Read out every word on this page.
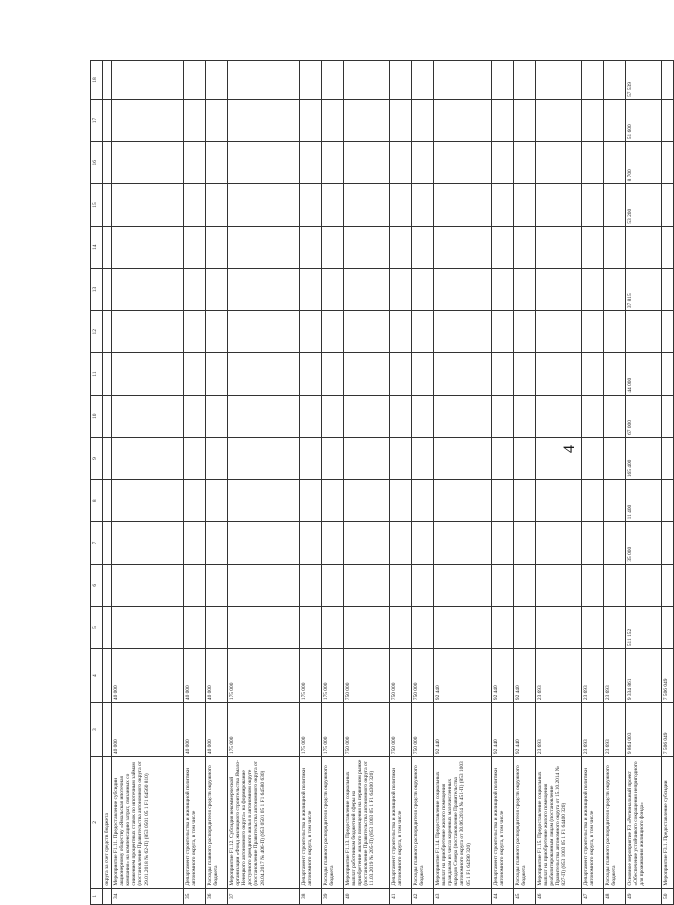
4
1	2	3	4	5	6	7	8	9	10	11	12	13	14	15	16	17	18
	округа за счет средств бюджета																
34	Мероприятие F1.11. Предоставление субсидии акционерному обществу «Ямальская ипотечная компания» на компенсацию затрат, связанных со снижением процентных ставок по ипотечным займам (постановление Правительства автономного округа от 29.01.2018 № 62-П) (853 0501 05 1 F1 64560 810)	40 000	40 000														
35	Департамент строительства и жилищной политики автономного округа, в том числе	40 000	40 000														
36	Расходы главного распорядителя средств окружного бюджета	40 000	40 000														
37	Мероприятие F1.12. Субсидия некоммерческой организации «Фонд жилищного строительства Ямало-Ненецкого автономного округа» на формирование доступного арендного жилья в автономном округе (постановление Правительства автономного округа от 28.04.2017 № 406-П) (853 0501 05 1 F1 64580 630)	175 000	175 000														
38	Департамент строительства и жилищной политики автономного округа, в том числе	175 000	175 000														
39	Расходы главного распорядителя средств окружного бюджета	175 000	175 000														
40	Мероприятие F1.13. Предоставление социальных выплат работникам бюджетной сферы на приобретение жилого помещения на первичном рынке (постановление Правительства автономного округа от 11.03.2019 № 205-П) (853 1003 05 1 F1 64300 320)	750 000	750 000														
41	Департамент строительства и жилищной политики автономного округа, в том числе	750 000	750 000														
42	Расходы главного распорядителя средств окружного бюджета	750 000	750 000														
43	Мероприятие F1.14. Предоставление социальных выплат на приобретение жилого помещения гражданам из числа коренных малочисленных народов Севера (постановление Правительства автономного округа от 30.06.2014 № 451-П) (853 1003 05 1 F1 64390 320)	92 440	92 440														
44	Департамент строительства и жилищной политики автономного округа, в том числе	92 440	92 440														
45	Расходы главного распорядителя средств окружного бюджета	92 440	92 440														
46	Мероприятие F1.15. Предоставление социальных выплат на приобретение жилого помещения реабилитированным лицам (постановление Правительства автономного округа от 15.10.2014 № 827-П) (853 1003 05 1 F1 64400 320)	23 693	23 693														
47	Департамент строительства и жилищной политики автономного округа, в том числе	23 693	23 693														
48	Расходы главного распорядителя средств окружного бюджета	23 693	23 693														
49	Основное мероприятие F3 «Региональный проект «Обеспечение устойчивого сокращения непригодного для проживания жилищного фонда»	9 864 003	9 334 861	511 152		35 000	11 400	165 400	67 000	44 000		37 815		53 200	8 700	51 600	57 539
50	Мероприятие F3.1. Предоставление субсидии	7 506 049	7 506 049														
